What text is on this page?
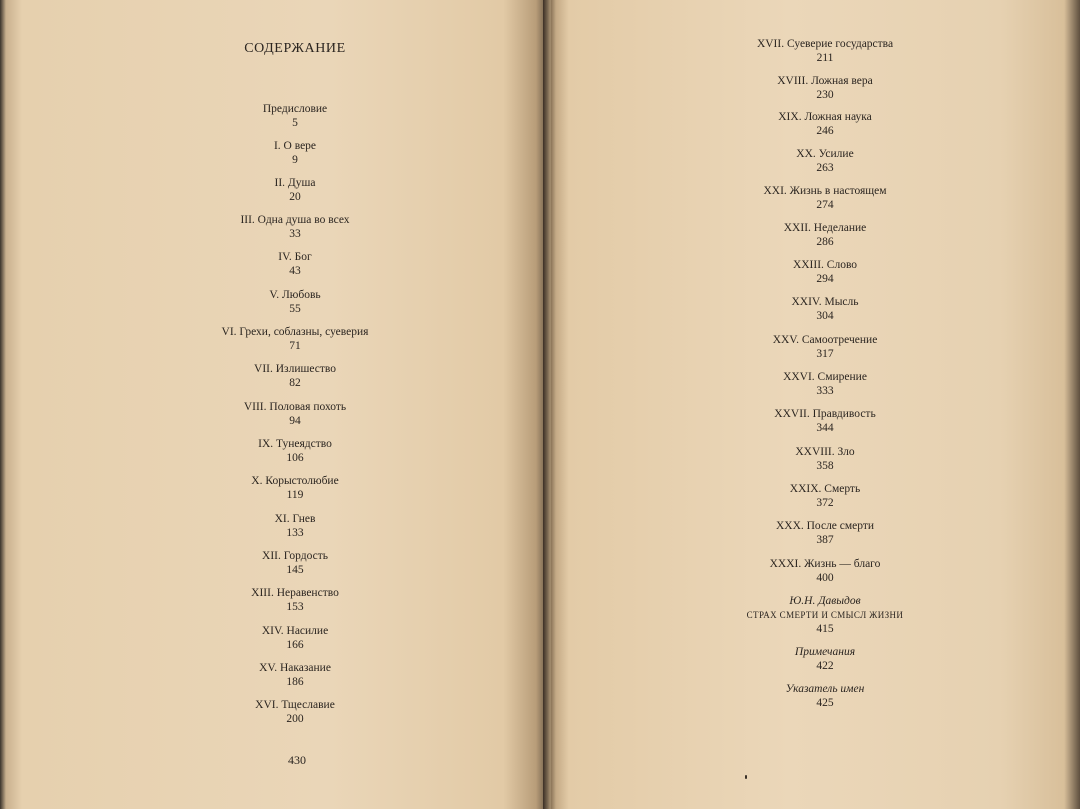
СОДЕРЖАНИЕ
Предисловие
5
I. О вере
9
II. Душа
20
III. Одна душа во всех
33
IV. Бог
43
V. Любовь
55
VI. Грехи, соблазны, суеверия
71
VII. Излишество
82
VIII. Половая похоть
94
IX. Тунеядство
106
X. Корыстолюбие
119
XI. Гнев
133
XII. Гордость
145
XIII. Неравенство
153
XIV. Насилие
166
XV. Наказание
186
XVI. Тщеславие
200
430
XVII. Суеверие государства
211
XVIII. Ложная вера
230
XIX. Ложная наука
246
XX. Усилие
263
XXI. Жизнь в настоящем
274
XXII. Неделание
286
XXIII. Слово
294
XXIV. Мысль
304
XXV. Самоотречение
317
XXVI. Смирение
333
XXVII. Правдивость
344
XXVIII. Зло
358
XXIX. Смерть
372
XXX. После смерти
387
XXXI. Жизнь — благо
400
Ю.Н. Давыдов
СТРАХ СМЕРТИ И СМЫСЛ ЖИЗНИ
415
Примечания
422
Указатель имен
425
